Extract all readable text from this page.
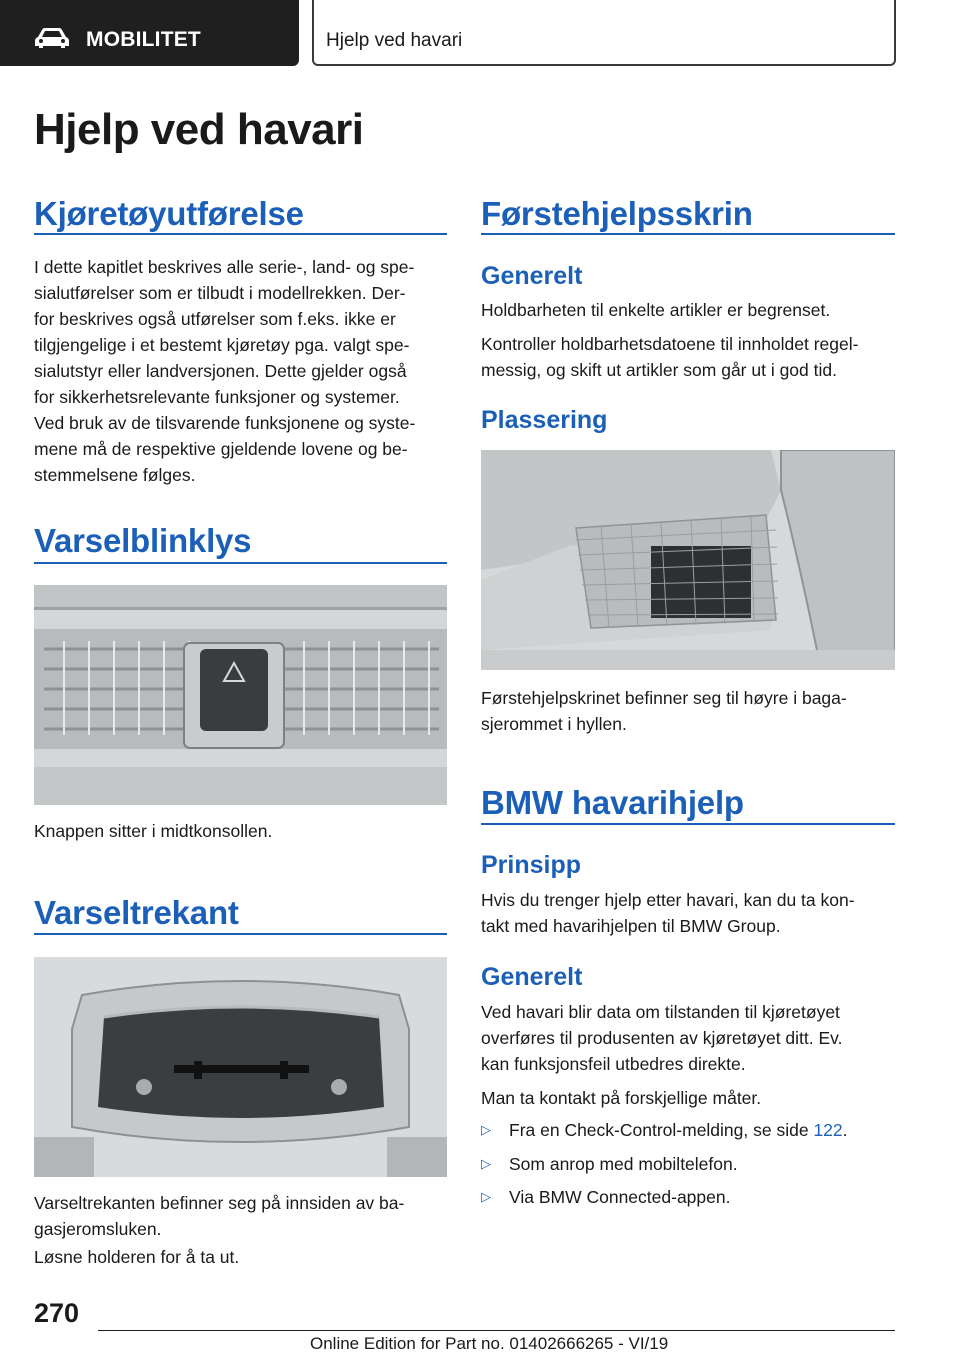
MOBILITET	Hjelp ved havari
Hjelp ved havari
Kjøretøyutførelse
I dette kapitlet beskrives alle serie-, land- og spe-
sialutførelser som er tilbudt i modellrekken. Der-
for beskrives også utførelser som f.eks. ikke er
tilgjengelige i et bestemt kjøretøy pga. valgt spe-
sialutstyr eller landversjonen. Dette gjelder også
for sikkerhetsrelevante funksjoner og systemer.
Ved bruk av de tilsvarende funksjonene og syste-
mene må de respektive gjeldende lovene og be-
stemmelsene følges.
Varselblinklys
Knappen sitter i midtkonsollen.
Varseltrekant
Varseltrekanten befinner seg på innsiden av ba-
gasjeromsluken.
Løsne holderen for å ta ut.
Førstehjelpsskrin
Generelt
Holdbarheten til enkelte artikler er begrenset.
Kontroller holdbarhetsdatoene til innholdet regel-
messig, og skift ut artikler som går ut i god tid.
Plassering
Førstehjelpskrinet befinner seg til høyre i baga-
sjerommet i hyllen.
BMW havarihjelp
Prinsipp
Hvis du trenger hjelp etter havari, kan du ta kon-
takt med havarihjelpen til BMW Group.
Generelt
Ved havari blir data om tilstanden til kjøretøyet
overføres til produsenten av kjøretøyet ditt. Ev.
kan funksjonsfeil utbedres direkte.
Man ta kontakt på forskjellige måter.
▷	Fra en Check-Control-melding, se side 122.
▷	Som anrop med mobiltelefon.
▷	Via BMW Connected-appen.
270
Online Edition for Part no. 01402666265 - VI/19
